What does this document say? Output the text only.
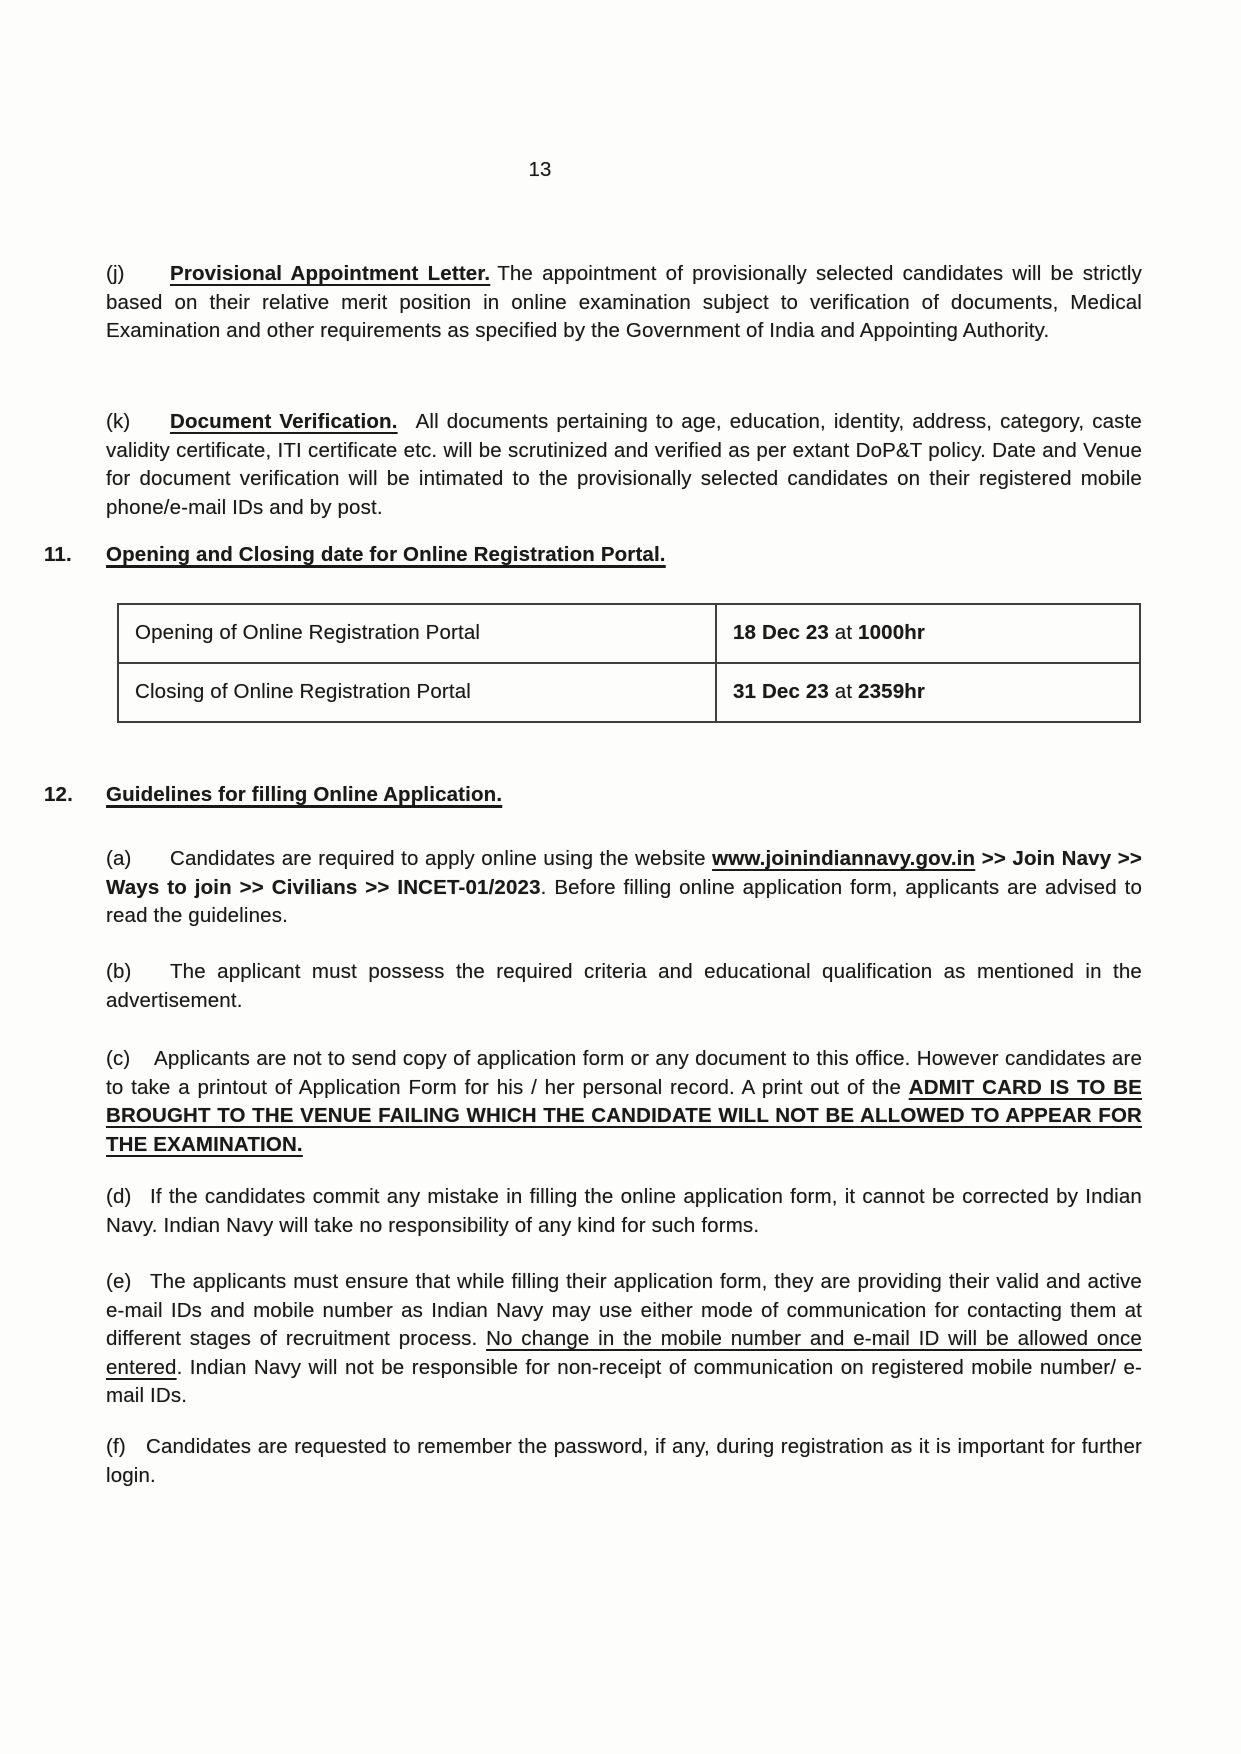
13

(j) Provisional Appointment Letter. The appointment of provisionally selected candidates will be strictly based on their relative merit position in online examination subject to verification of documents, Medical Examination and other requirements as specified by the Government of India and Appointing Authority.

(k) Document Verification. All documents pertaining to age, education, identity, address, category, caste validity certificate, ITI certificate etc. will be scrutinized and verified as per extant DoP&T policy. Date and Venue for document verification will be intimated to the provisionally selected candidates on their registered mobile phone/e-mail IDs and by post.

11. Opening and Closing date for Online Registration Portal.
Opening of Online Registration Portal	18 Dec 23 at 1000hr
Closing of Online Registration Portal	31 Dec 23 at 2359hr
12. Guidelines for filling Online Application.

(a) Candidates are required to apply online using the website www.joinindiannavy.gov.in >> Join Navy >> Ways to join >> Civilians >> INCET-01/2023. Before filling online application form, applicants are advised to read the guidelines.

(b) The applicant must possess the required criteria and educational qualification as mentioned in the advertisement.

(c) Applicants are not to send copy of application form or any document to this office. However candidates are to take a printout of Application Form for his / her personal record. A print out of the ADMIT CARD IS TO BE BROUGHT TO THE VENUE FAILING WHICH THE CANDIDATE WILL NOT BE ALLOWED TO APPEAR FOR THE EXAMINATION.

(d) If the candidates commit any mistake in filling the online application form, it cannot be corrected by Indian Navy. Indian Navy will take no responsibility of any kind for such forms.

(e) The applicants must ensure that while filling their application form, they are providing their valid and active e-mail IDs and mobile number as Indian Navy may use either mode of communication for contacting them at different stages of recruitment process. No change in the mobile number and e-mail ID will be allowed once entered. Indian Navy will not be responsible for non-receipt of communication on registered mobile number/ e-mail IDs.

(f) Candidates are requested to remember the password, if any, during registration as it is important for further login.
